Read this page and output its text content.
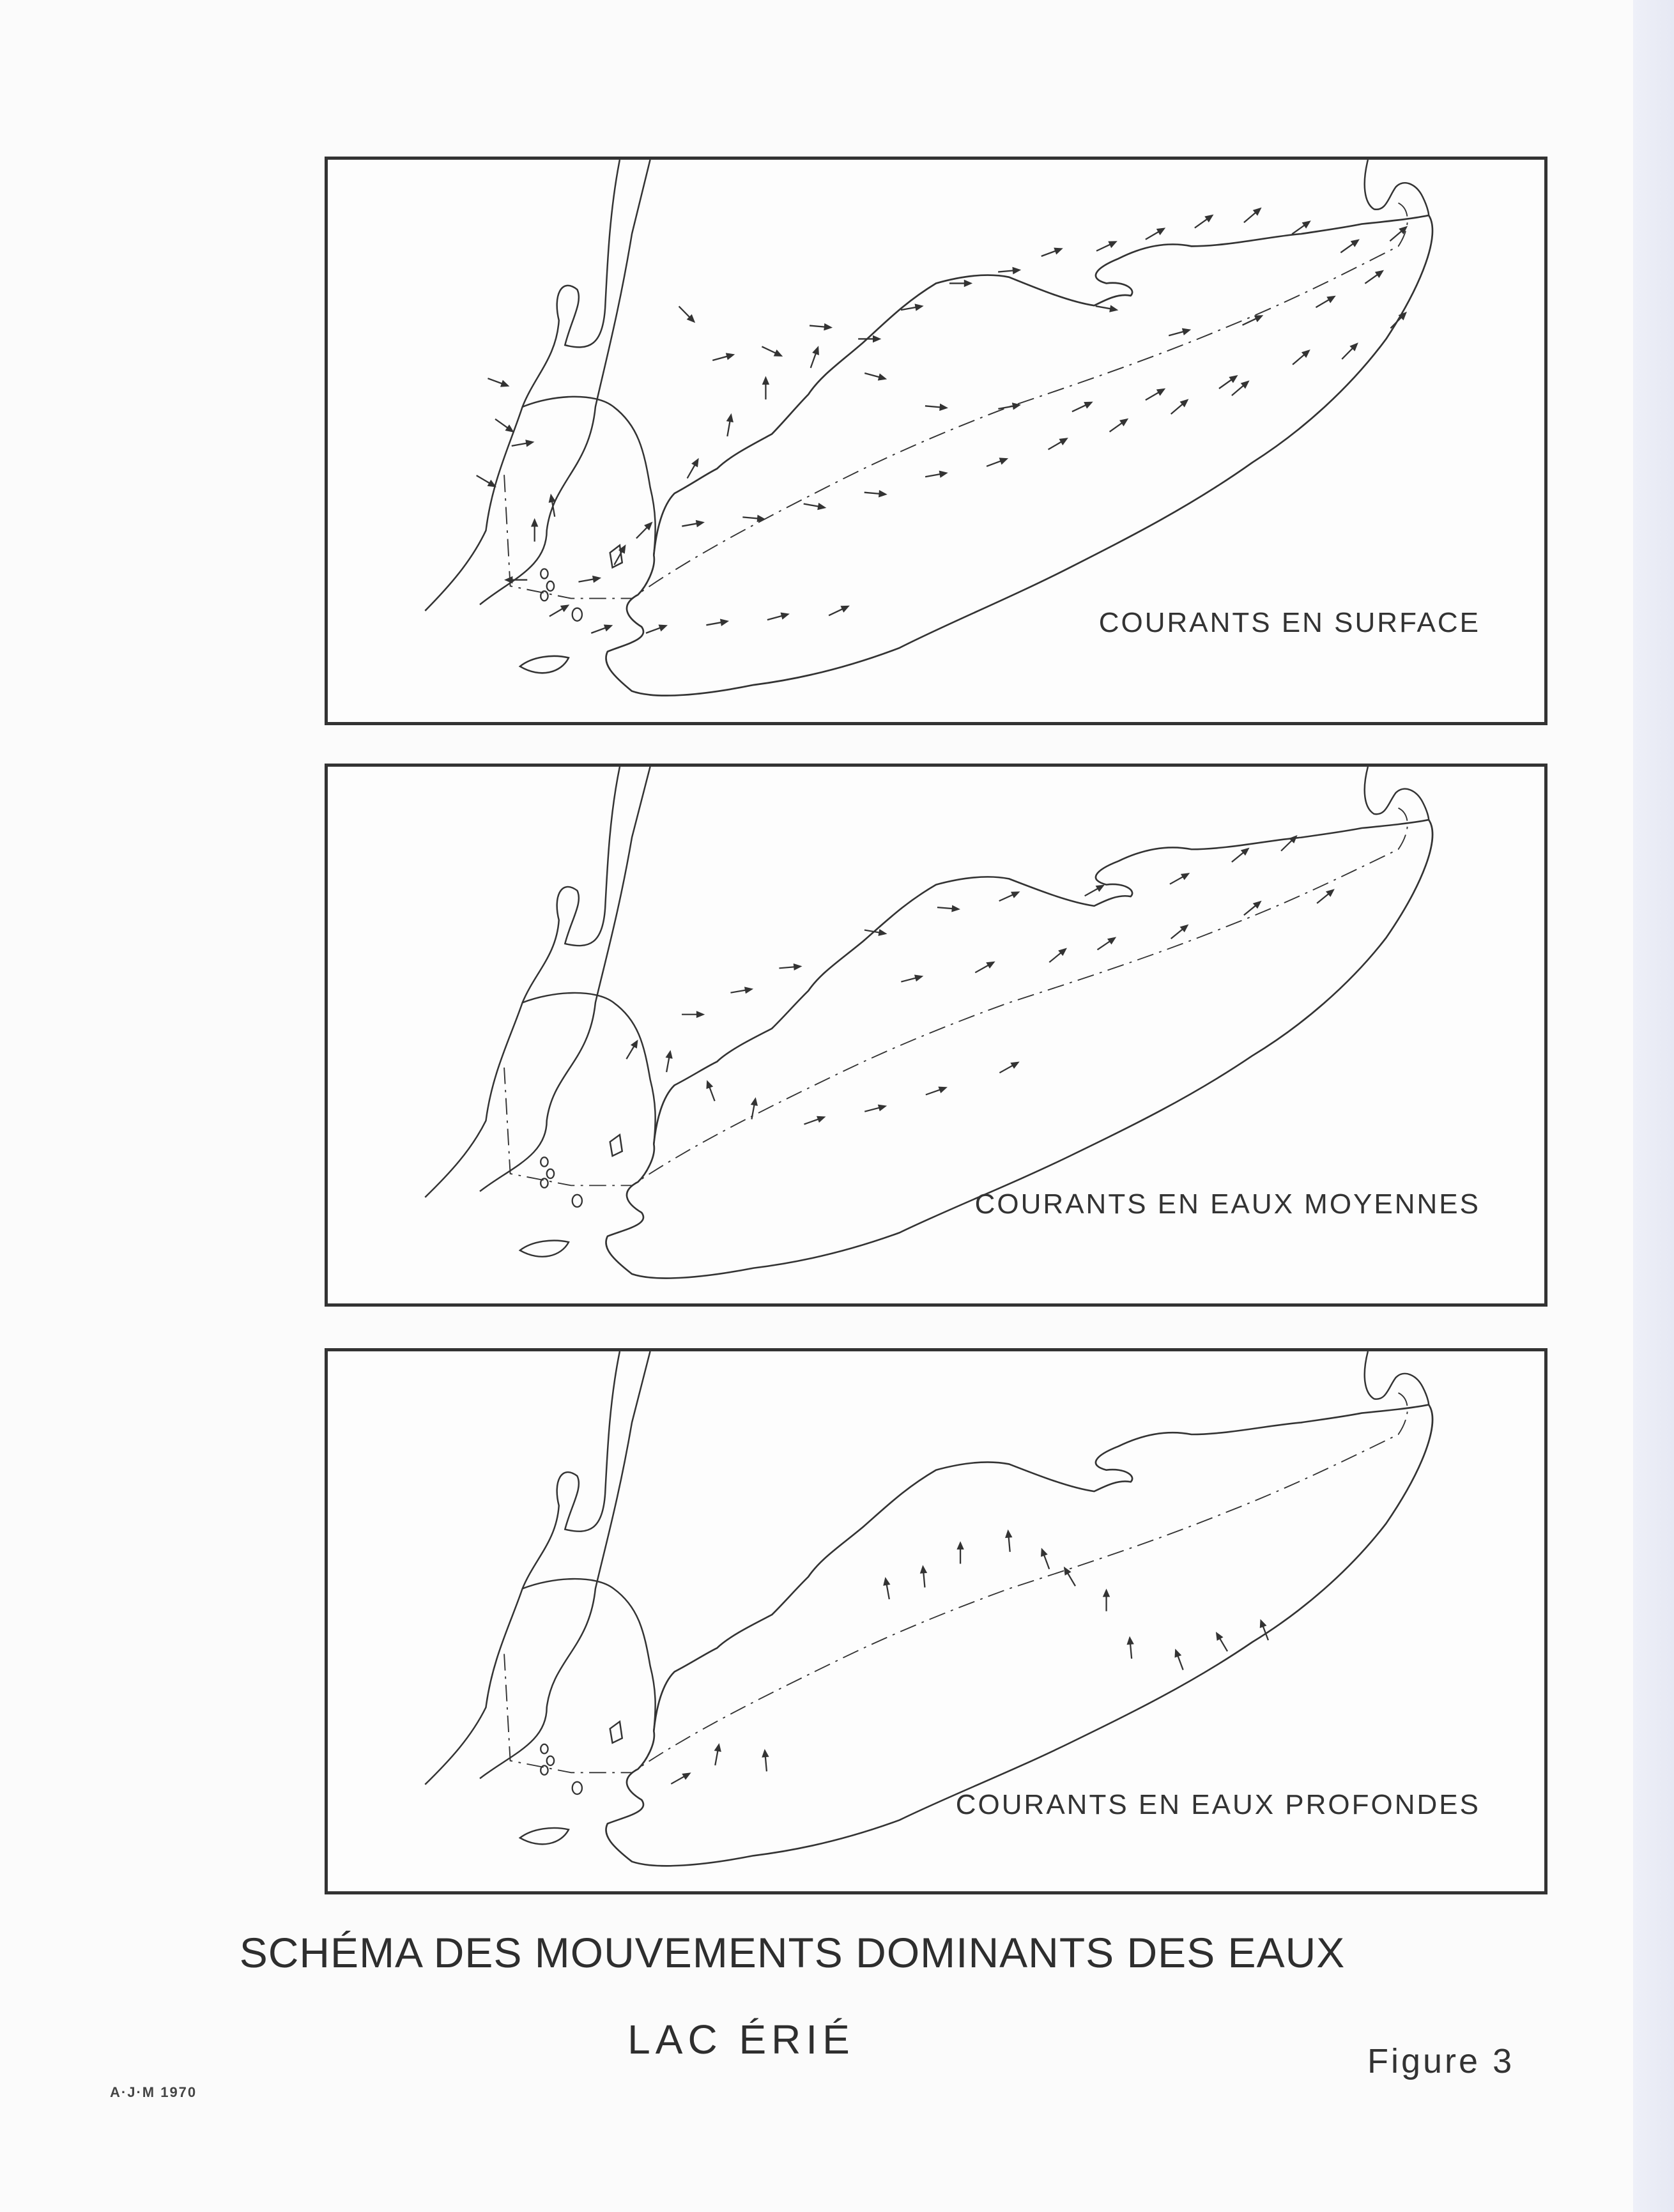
COURANTS EN SURFACE
COURANTS EN EAUX MOYENNES
COURANTS EN EAUX PROFONDES
SCHÉMA DES MOUVEMENTS DOMINANTS DES EAUX
LAC ÉRIÉ	Figure 3
A·J·M 1970
